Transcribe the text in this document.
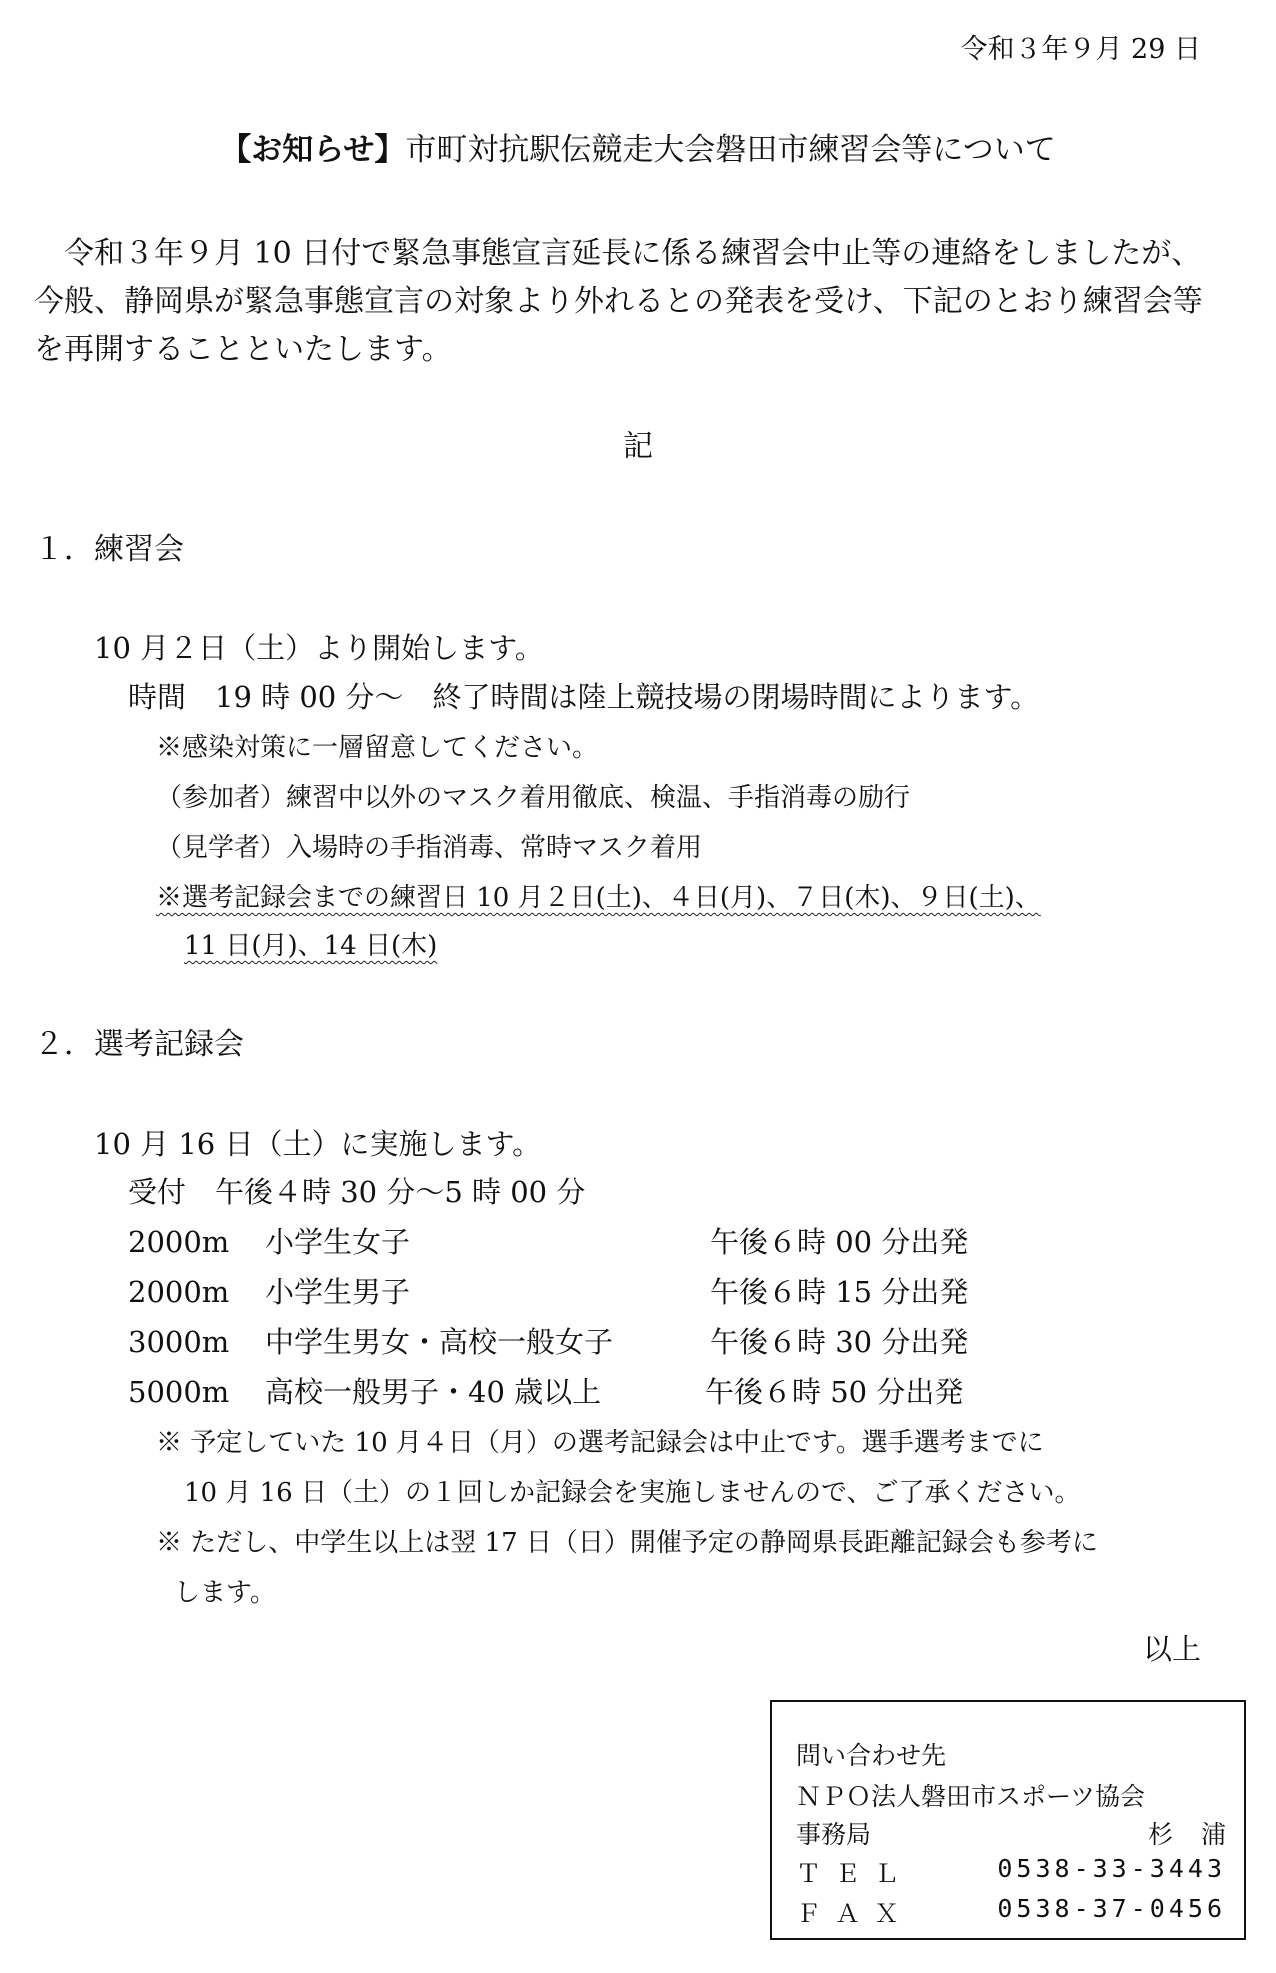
令和３年９月 29 日
【お知らせ】市町対抗駅伝競走大会磐田市練習会等について
令和３年９月 10 日付で緊急事態宣言延長に係る練習会中止等の連絡をしましたが、今般、静岡県が緊急事態宣言の対象より外れるとの発表を受け、下記のとおり練習会等を再開することといたします。
記
１．練習会
10 月２日（土）より開始します。
時間　19 時 00 分～　終了時間は陸上競技場の閉場時間によります。
※感染対策に一層留意してください。
（参加者）練習中以外のマスク着用徹底、検温、手指消毒の励行
（見学者）入場時の手指消毒、常時マスク着用
※選考記録会までの練習日 10 月２日(土)、４日(月)、７日(木)、９日(土)、
11 日(月)、14 日(木)
２．選考記録会
10 月 16 日（土）に実施します。
受付　午後４時 30 分～5 時 00 分
2000m 小学生女子	午後６時 00 分出発
2000m 小学生男子	午後６時 15 分出発
3000m 中学生男女・高校一般女子	午後６時 30 分出発
5000m 高校一般男子・40 歳以上	午後６時 50 分出発
※ 予定していた 10 月４日（月）の選考記録会は中止です。選手選考までに
10 月 16 日（土）の１回しか記録会を実施しませんので、ご了承ください。
※ ただし、中学生以上は翌 17 日（日）開催予定の静岡県長距離記録会も参考に
します。
以上
問い合わせ先
ＮＰＯ法人磐田市スポーツ協会
事務局	杉浦
ＴＥＬ	0538-33-3443
ＦＡＸ	0538-37-0456
